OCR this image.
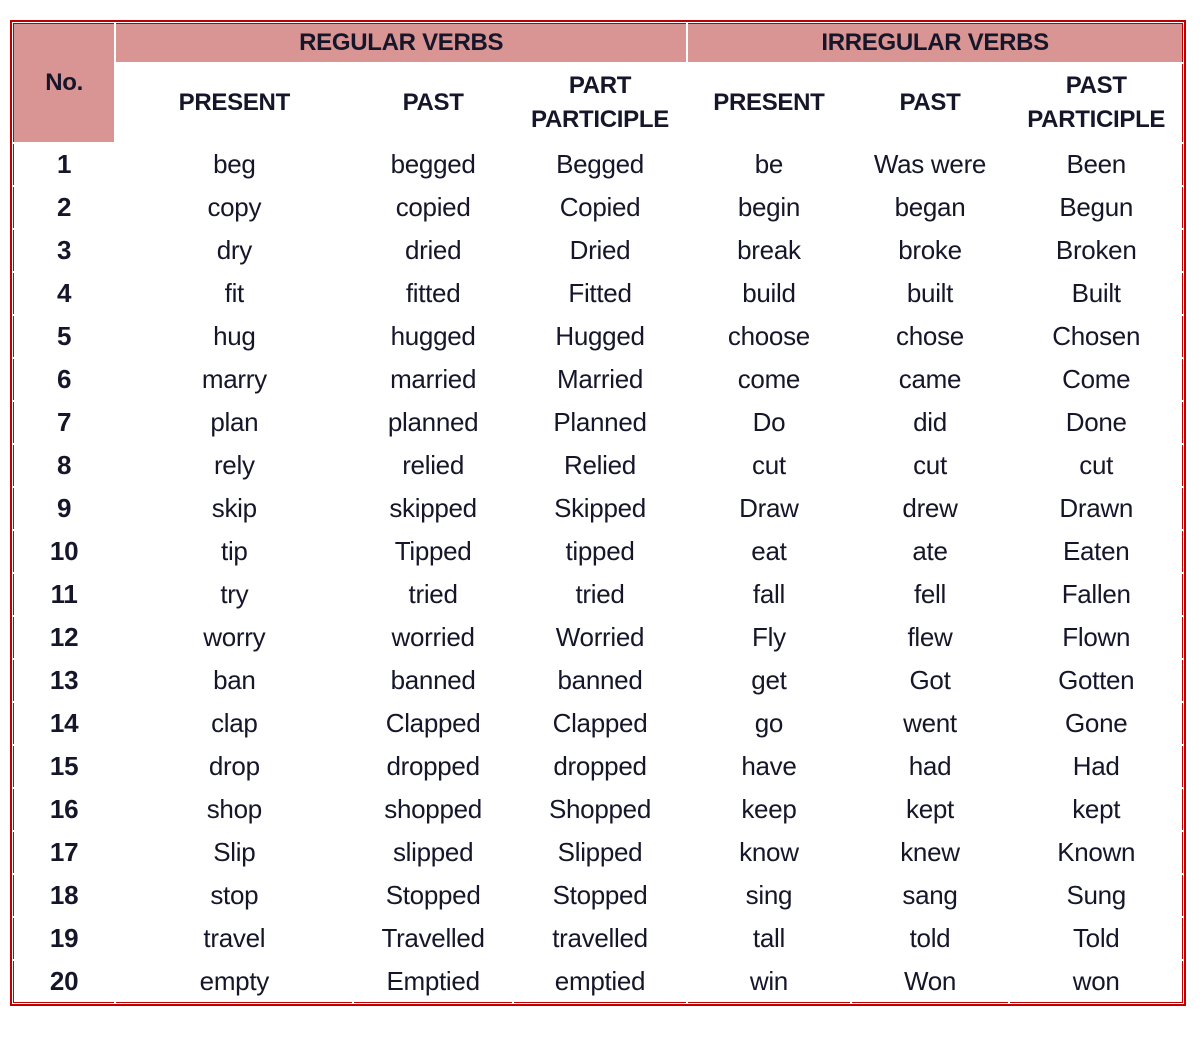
No.	REGULAR VERBS			IRREGULAR VERBS		
	PRESENT	PAST	PART PARTICIPLE	PRESENT	PAST	PAST PARTICIPLE
1	beg	begged	Begged	be	Was were	Been
2	copy	copied	Copied	begin	began	Begun
3	dry	dried	Dried	break	broke	Broken
4	fit	fitted	Fitted	build	built	Built
5	hug	hugged	Hugged	choose	chose	Chosen
6	marry	married	Married	come	came	Come
7	plan	planned	Planned	Do	did	Done
8	rely	relied	Relied	cut	cut	cut
9	skip	skipped	Skipped	Draw	drew	Drawn
10	tip	Tipped	tipped	eat	ate	Eaten
11	try	tried	tried	fall	fell	Fallen
12	worry	worried	Worried	Fly	flew	Flown
13	ban	banned	banned	get	Got	Gotten
14	clap	Clapped	Clapped	go	went	Gone
15	drop	dropped	dropped	have	had	Had
16	shop	shopped	Shopped	keep	kept	kept
17	Slip	slipped	Slipped	know	knew	Known
18	stop	Stopped	Stopped	sing	sang	Sung
19	travel	Travelled	travelled	tall	told	Told
20	empty	Emptied	emptied	win	Won	won
